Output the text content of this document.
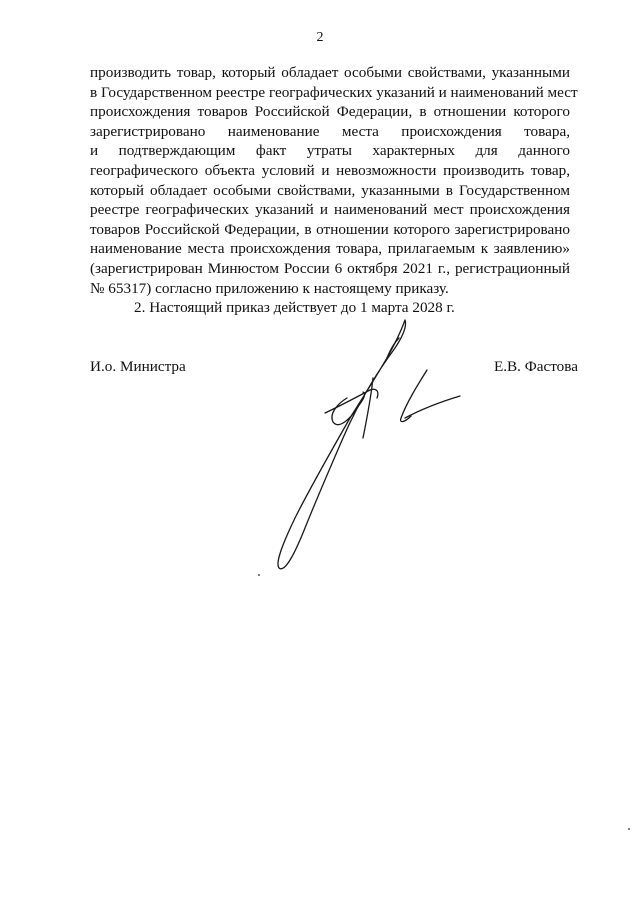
2
производить товар, который обладает особыми свойствами, указанными
в Государственном реестре географических указаний и наименований мест
происхождения товаров Российской Федерации, в отношении которого
зарегистрировано наименование места происхождения товара,
и подтверждающим факт утраты характерных для данного
географического объекта условий и невозможности производить товар,
который обладает особыми свойствами, указанными в Государственном
реестре географических указаний и наименований мест происхождения
товаров Российской Федерации, в отношении которого зарегистрировано
наименование места происхождения товара, прилагаемым к заявлению»
(зарегистрирован Минюстом России 6 октября 2021 г., регистрационный
№ 65317) согласно приложению к настоящему приказу.
2. Настоящий приказ действует до 1 марта 2028 г.
И.о. Министра	Е.В. Фастова
